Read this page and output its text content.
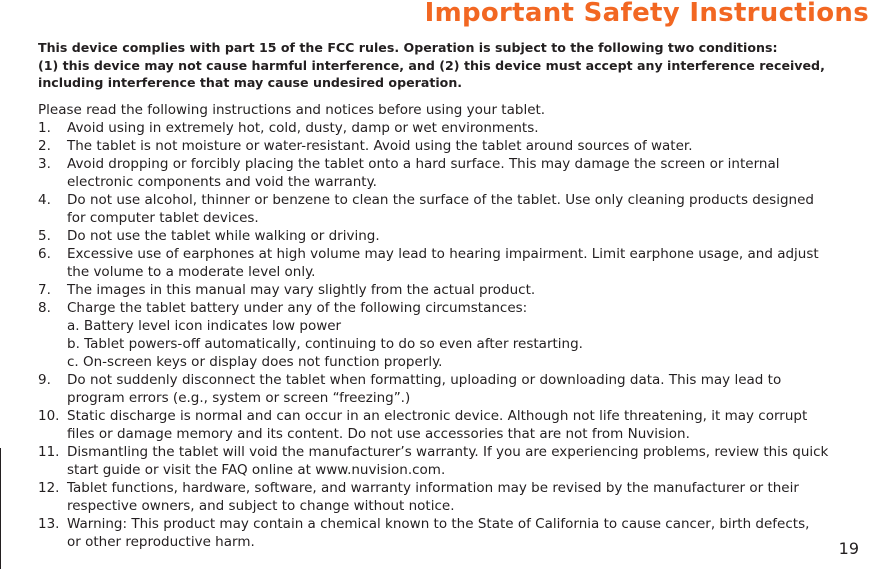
Important Safety Instructions
This device complies with part 15 of the FCC rules. Operation is subject to the following two conditions:
(1) this device may not cause harmful interference, and (2) this device must accept any interference received,
including interference that may cause undesired operation.
Please read the following instructions and notices before using your tablet.
1.	Avoid using in extremely hot, cold, dusty, damp or wet environments.
2.	The tablet is not moisture or water-resistant. Avoid using the tablet around sources of water.
3.	Avoid dropping or forcibly placing the tablet onto a hard surface. This may damage the screen or internal
electronic components and void the warranty.
4.	Do not use alcohol, thinner or benzene to clean the surface of the tablet. Use only cleaning products designed
for computer tablet devices.
5.	Do not use the tablet while walking or driving.
6.	Excessive use of earphones at high volume may lead to hearing impairment. Limit earphone usage, and adjust
the volume to a moderate level only.
7.	The images in this manual may vary slightly from the actual product.
8.	Charge the tablet battery under any of the following circumstances:
a. Battery level icon indicates low power
b. Tablet powers-off automatically, continuing to do so even after restarting.
c. On-screen keys or display does not function properly.
9.	Do not suddenly disconnect the tablet when formatting, uploading or downloading data. This may lead to
program errors (e.g., system or screen “freezing”.)
10. Static discharge is normal and can occur in an electronic device. Although not life threatening, it may corrupt
files or damage memory and its content. Do not use accessories that are not from Nuvision.
11. Dismantling the tablet will void the manufacturer’s warranty. If you are experiencing problems, review this quick
start guide or visit the FAQ online at www.nuvision.com.
12. Tablet functions, hardware, software, and warranty information may be revised by the manufacturer or their
respective owners, and subject to change without notice.
13. Warning: This product may contain a chemical known to the State of California to cause cancer, birth defects,
or other reproductive harm.	19
